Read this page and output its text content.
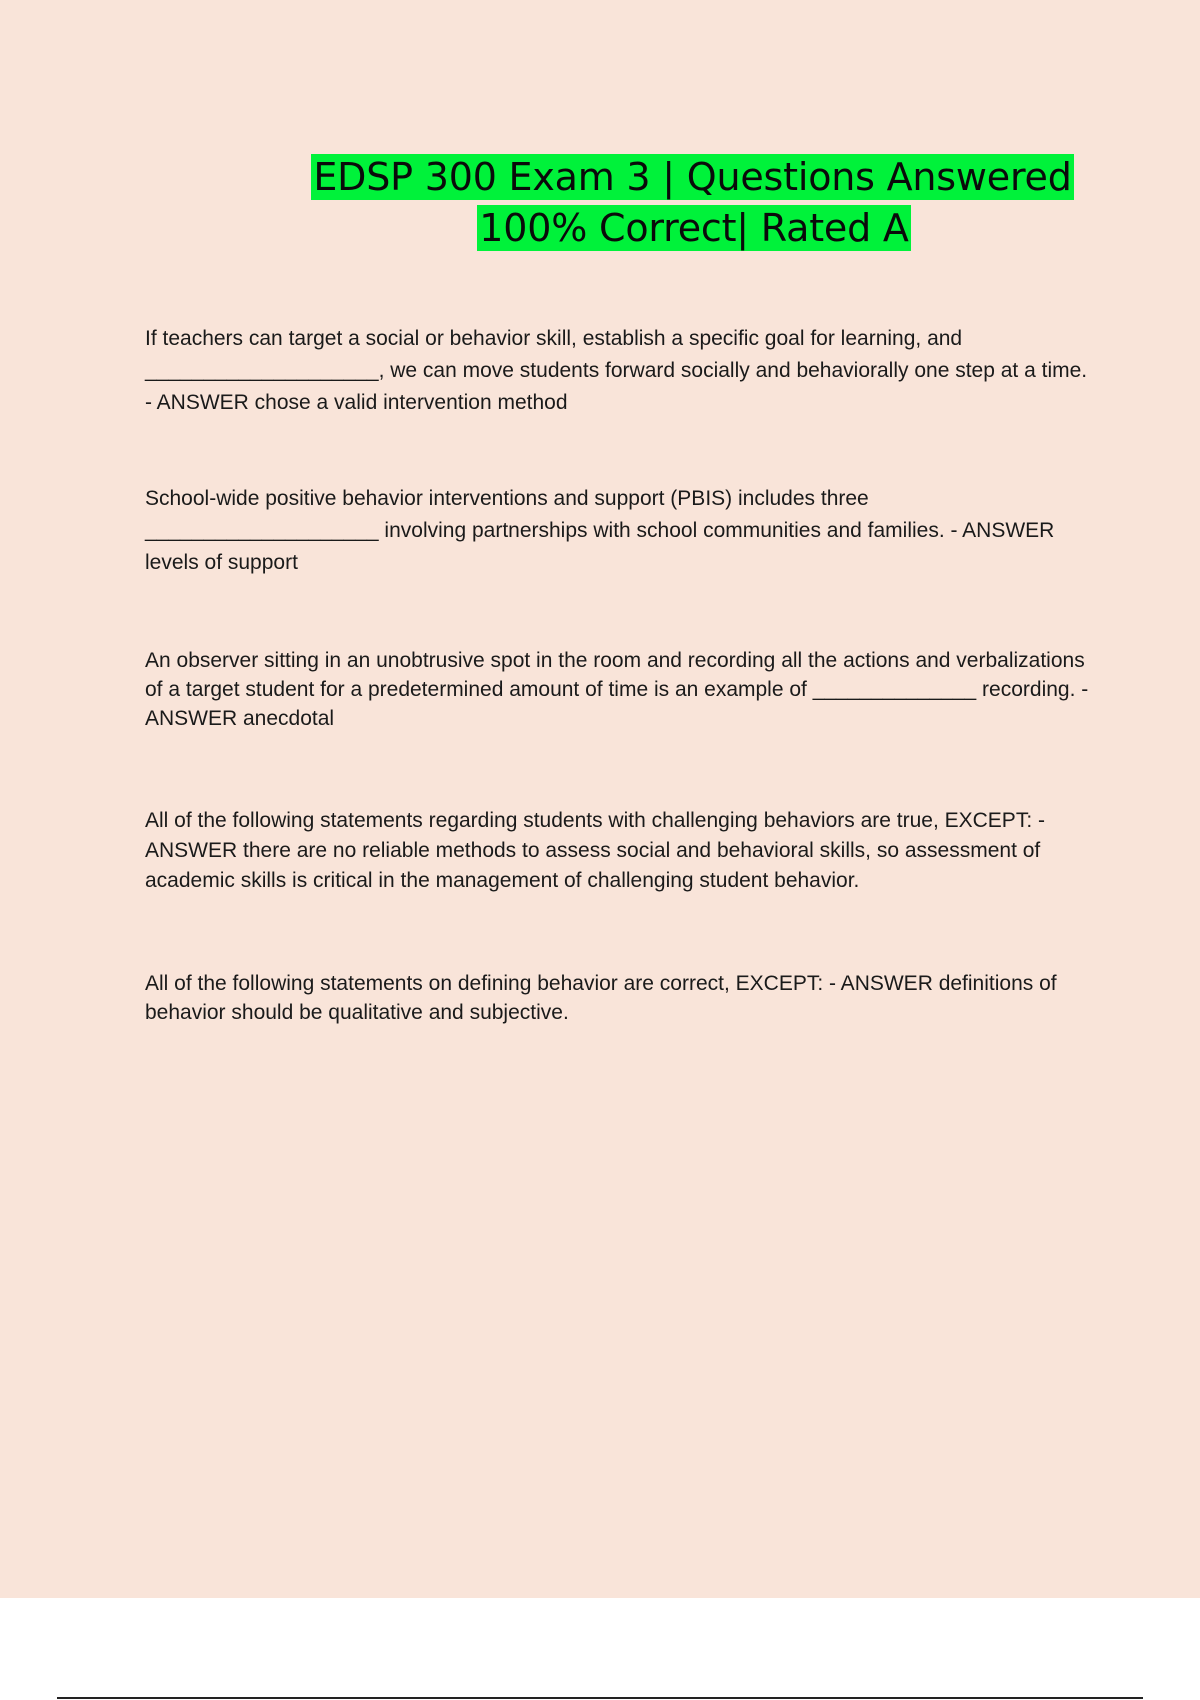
EDSP 300 Exam 3 | Questions Answered

100% Correct| Rated A

If teachers can target a social or behavior skill, establish a specific goal for learning, and ____________________, we can move students forward socially and behaviorally one step at a time. - ANSWER chose a valid intervention method

School-wide positive behavior interventions and support (PBIS) includes three ____________________ involving partnerships with school communities and families. - ANSWER levels of support

An observer sitting in an unobtrusive spot in the room and recording all the actions and verbalizations of a target student for a predetermined amount of time is an example of ______________ recording. - ANSWER anecdotal

All of the following statements regarding students with challenging behaviors are true, EXCEPT: - ANSWER there are no reliable methods to assess social and behavioral skills, so assessment of academic skills is critical in the management of challenging student behavior.

All of the following statements on defining behavior are correct, EXCEPT: - ANSWER definitions of behavior should be qualitative and subjective.
